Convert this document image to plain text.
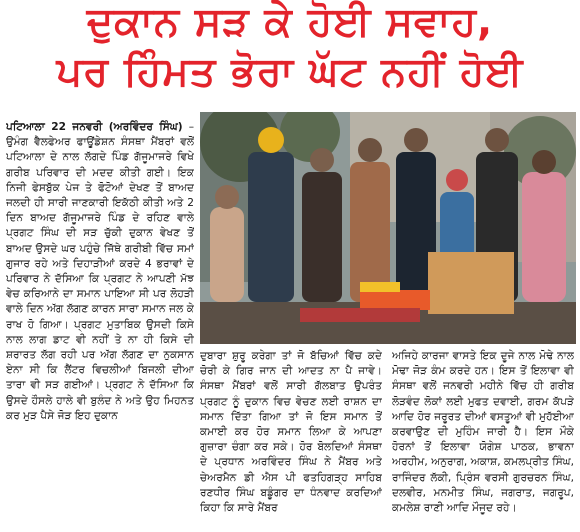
ਦੁਕਾਨ ਸੜ ਕੇ ਹੋਈ ਸਵਾਹ,
ਪਰ ਹਿੰਮਤ ਭੋਰਾ ਘੱਟ ਨਹੀਂ ਹੋਈ
ਪਟਿਆਲਾ 22 ਜਨਵਰੀ (ਅਰਵਿੰਦਰ ਸਿੰਘ) – ਉਮੰਗ ਵੈਲਫੇਅਰ ਫਾਊਂਡੇਸ਼ਨ ਸੰਸਥਾ ਮੈਂਬਰਾਂ ਵਲੋਂ ਪਟਿਆਲਾ ਦੇ ਨਾਲ ਲੱਗਦੇ ਪਿੰਡ ਗੱਜੂਮਾਜਰੇ ਵਿਖੇ ਗਰੀਬ ਪਰਿਵਾਰ ਦੀ ਮਦਦ ਕੀਤੀ ਗਈ। ਇਕ ਨਿਜੀ ਫੇਸਬੁੱਕ ਪੇਜ ਤੇ ਫੋਟੋਆਂ ਦੇਖਣ ਤੋਂ ਬਾਅਦ ਜਲਦੀ ਹੀ ਸਾਰੀ ਜਾਣਕਾਰੀ ਇਕੱਠੀ ਕੀਤੀ ਅਤੇ 2 ਦਿਨ ਬਾਅਦ ਗੱਜੂਮਾਜਰੇ ਪਿੰਡ ਦੇ ਰਹਿਣ ਵਾਲੇ ਪ੍ਰਗਟ ਸਿੰਘ ਦੀ ਸੜ ਚੁੱਕੀ ਦੁਕਾਨ ਵੇਖਣ ਤੋਂ ਬਾਅਦ ਉਸਦੇ ਘਰ ਪਹੁੰਚੇ ਜਿੱਥੇ ਗਰੀਬੀ ਵਿੱਚ ਸਮਾਂ ਗੁਜਾਰ ਰਹੇ ਅਤੇ ਦਿਹਾੜੀਆਂ ਕਰਦੇ 4 ਭਰਾਵਾਂ ਦੇ ਪਰਿਵਾਰ ਨੇ ਦੱਸਿਆ ਕਿ ਪ੍ਰਗਟ ਨੇ ਆਪਣੀ ਮੱਝ ਵੇਚ ਕਰਿਆਨੇ ਦਾ ਸਮਾਨ ਪਾਇਆ ਸੀ ਪਰ ਲੋਹੜੀ ਵਾਲੇ ਦਿਨ ਅੱਗ ਲੱਗਣ ਕਾਰਨ ਸਾਰਾ ਸਮਾਨ ਜਲ ਕੇ ਰਾਖ ਹੋ ਗਿਆ। ਪ੍ਰਗਟ ਮੁਤਾਬਿਕ ਉਸਦੀ ਕਿਸੇ ਨਾਲ ਲਾਗ ਡਾਟ ਵੀ ਨਹੀਂ ਤੇ ਨਾ ਹੀ ਕਿਸੇ ਦੀ ਸ਼ਰਾਰਤ ਲੱਗ ਰਹੀ ਪਰ ਅੱਗ ਲੱਗਣ ਦਾ ਨੁਕਸਾਨ ਏਨਾ ਸੀ ਕਿ ਲੈਂਟਰ ਵਿਚਲੀਆਂ ਬਿਜਲੀ ਦੀਆ ਤਾਰਾ ਵੀ ਸੜ ਗਈਆਂ। ਪ੍ਰਗਟ ਨੇ ਦੱਸਿਆ ਕਿ ਉਸਦੇ ਹੌਸਲੇ ਹਾਲੇ ਵੀ ਬੁਲੰਦ ਨੇ ਅਤੇ ਉਹ ਮਿਹਨਤ ਕਰ ਮੁੜ ਪੈਸੇ ਜੋੜ ਇਹ ਦੁਕਾਨ
ਦੁਬਾਰਾ ਸ਼ੁਰੂ ਕਰੇਗਾ ਤਾਂ ਜੋ ਬੱਚਿਆਂ ਵਿੱਚ ਕਦੇ ਚੋਰੀ ਕੇ ਗਿਰ ਜਾਨ ਦੀ ਆਦਤ ਨਾ ਪੈ ਜਾਵੇ। ਸੰਸਥਾ ਮੈਂਬਰਾਂ ਵਲੋਂ ਸਾਰੀ ਗੱਲਬਾਤ ਉਪਰੰਤ ਪ੍ਰਗਟ ਨੂੰ ਦੁਕਾਨ ਵਿਚ ਵੇਚਣ ਲਈ ਰਾਸ਼ਨ ਦਾ ਸਮਾਨ ਦਿੱਤਾ ਗਿਆ ਤਾਂ ਜੋ ਇਸ ਸਮਾਨ ਤੋਂ ਕਮਾਈ ਕਰ ਹੋਰ ਸਮਾਨ ਲਿਆ ਕੇ ਆਪਣਾ ਗੁਜ਼ਾਰਾ ਚੰਗਾ ਕਰ ਸਕੇ। ਹੋਰ ਬੋਲਦਿਆਂ ਸੰਸਥਾ ਦੇ ਪ੍ਰਧਾਨ ਅਰਵਿੰਦਰ ਸਿੰਘ ਨੇ ਮੈਂਬਰ ਅਤੇ ਚੇਅਰਮੈਨ ਡੀ ਐਸ ਪੀ ਫਤਹਿਗੜ੍ਹ ਸਾਹਿਬ ਰਣਧੀਰ ਸਿੰਘ ਬਡੂੰਗਰ ਦਾ ਧੰਨਵਾਦ ਕਰਦਿਆਂ ਕਿਹਾ ਕਿ ਸਾਰੇ ਮੈਂਬਰ
ਅਜਿਹੇ ਕਾਰਜਾ ਵਾਸਤੇ ਇਕ ਦੂਜੇ ਨਾਲ ਮੋਢੇ ਨਾਲ ਮੋਢਾ ਜੋੜ ਕੰਮ ਕਰਦੇ ਹਨ। ਇਸ ਤੋਂ ਇਲਾਵਾ ਵੀ ਸੰਸਥਾ ਵਲੋਂ ਜਨਵਰੀ ਮਹੀਨੇ ਵਿੱਚ ਹੀ ਗਰੀਬ ਲੋੜਵੰਦ ਲੋਕਾਂ ਲਈ ਮੁਫਤ ਦਵਾਈ, ਗਰਮ ਕੱਪੜੇ ਆਦਿ ਹੋਰ ਜਰੂਰਤ ਦੀਆਂ ਵਸਤੂਆਂ ਵੀ ਮੁਹੱਈਆ ਕਰਵਾਉਣ ਦੀ ਮੁਹਿੰਮ ਜਾਰੀ ਹੈ। ਇਸ ਮੌਕੇ ਹੋਰਨਾਂ ਤੋਂ ਇਲਾਵਾ ਯੋਗੇਸ਼ ਪਾਠਕ, ਭਾਵਨਾ ਅਰਹੀਮ, ਅਨੁਰਾਗ, ਅਕਾਸ਼, ਕਮਲਪ੍ਰੀਤ ਸਿੰਘ, ਰਾਜਿੰਦਰ ਲੱਕੀ, ਪ੍ਰਿੰਸ ਵਰਸੀ ਗੁਰਚਰਨ ਸਿੰਘ, ਦਲਵੀਰ, ਮਨਮੀਤ ਸਿੰਘ, ਜਗਰਾਤ, ਜਗਰੂਪ, ਕਮਲੇਸ਼ ਰਾਣੀ ਆਦਿ ਮੌਜੂਦ ਰਹੇ।
